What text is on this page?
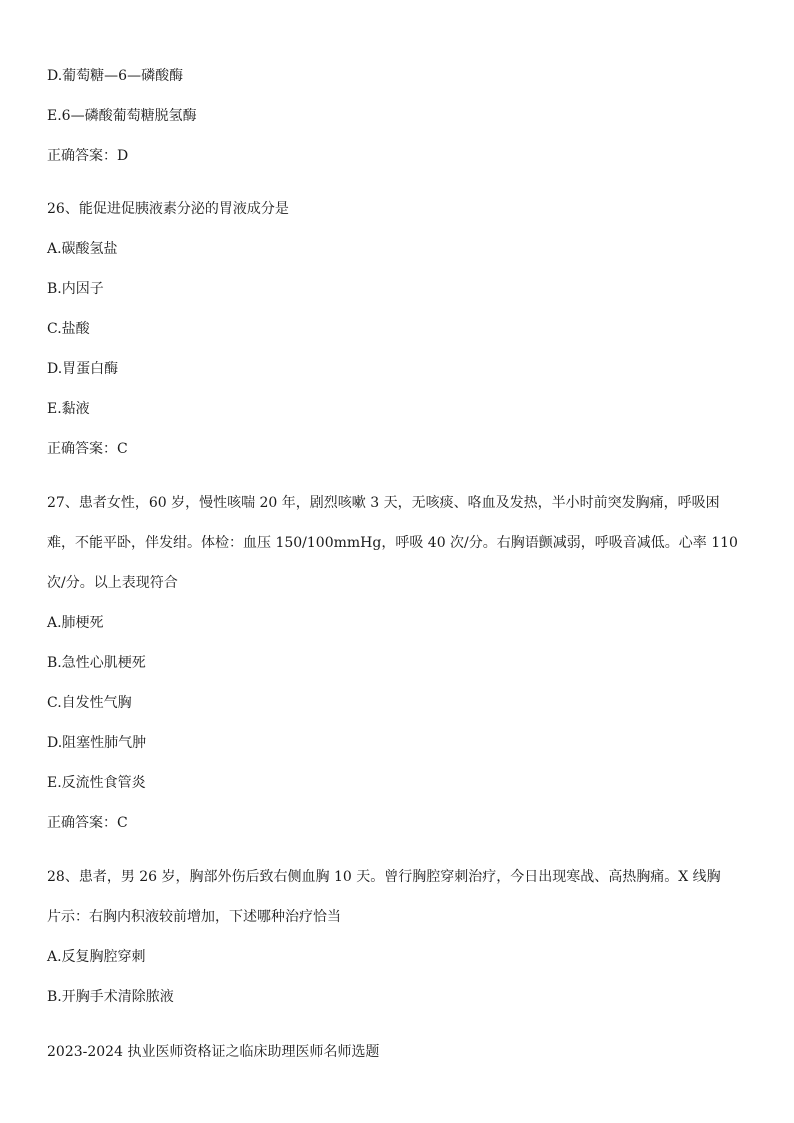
D.葡萄糖—6—磷酸酶

E.6—磷酸葡萄糖脱氢酶

正确答案：D

26、能促进促胰液素分泌的胃液成分是

A.碳酸氢盐

B.内因子

C.盐酸

D.胃蛋白酶

E.黏液

正确答案：C

27、患者女性，60 岁，慢性咳喘 20 年，剧烈咳嗽 3 天，无咳痰、咯血及发热，半小时前突发胸痛，呼吸困

难，不能平卧，伴发绀。体检：血压 150/100mmHg，呼吸 40 次/分。右胸语颤减弱，呼吸音减低。心率 110

次/分。以上表现符合

A.肺梗死

B.急性心肌梗死

C.自发性气胸

D.阻塞性肺气肿

E.反流性食管炎

正确答案：C

28、患者，男 26 岁，胸部外伤后致右侧血胸 10 天。曾行胸腔穿刺治疗，今日出现寒战、高热胸痛。X 线胸

片示：右胸内积液较前增加，下述哪种治疗恰当

A.反复胸腔穿刺

B.开胸手术清除脓液

2023-2024 执业医师资格证之临床助理医师名师选题
